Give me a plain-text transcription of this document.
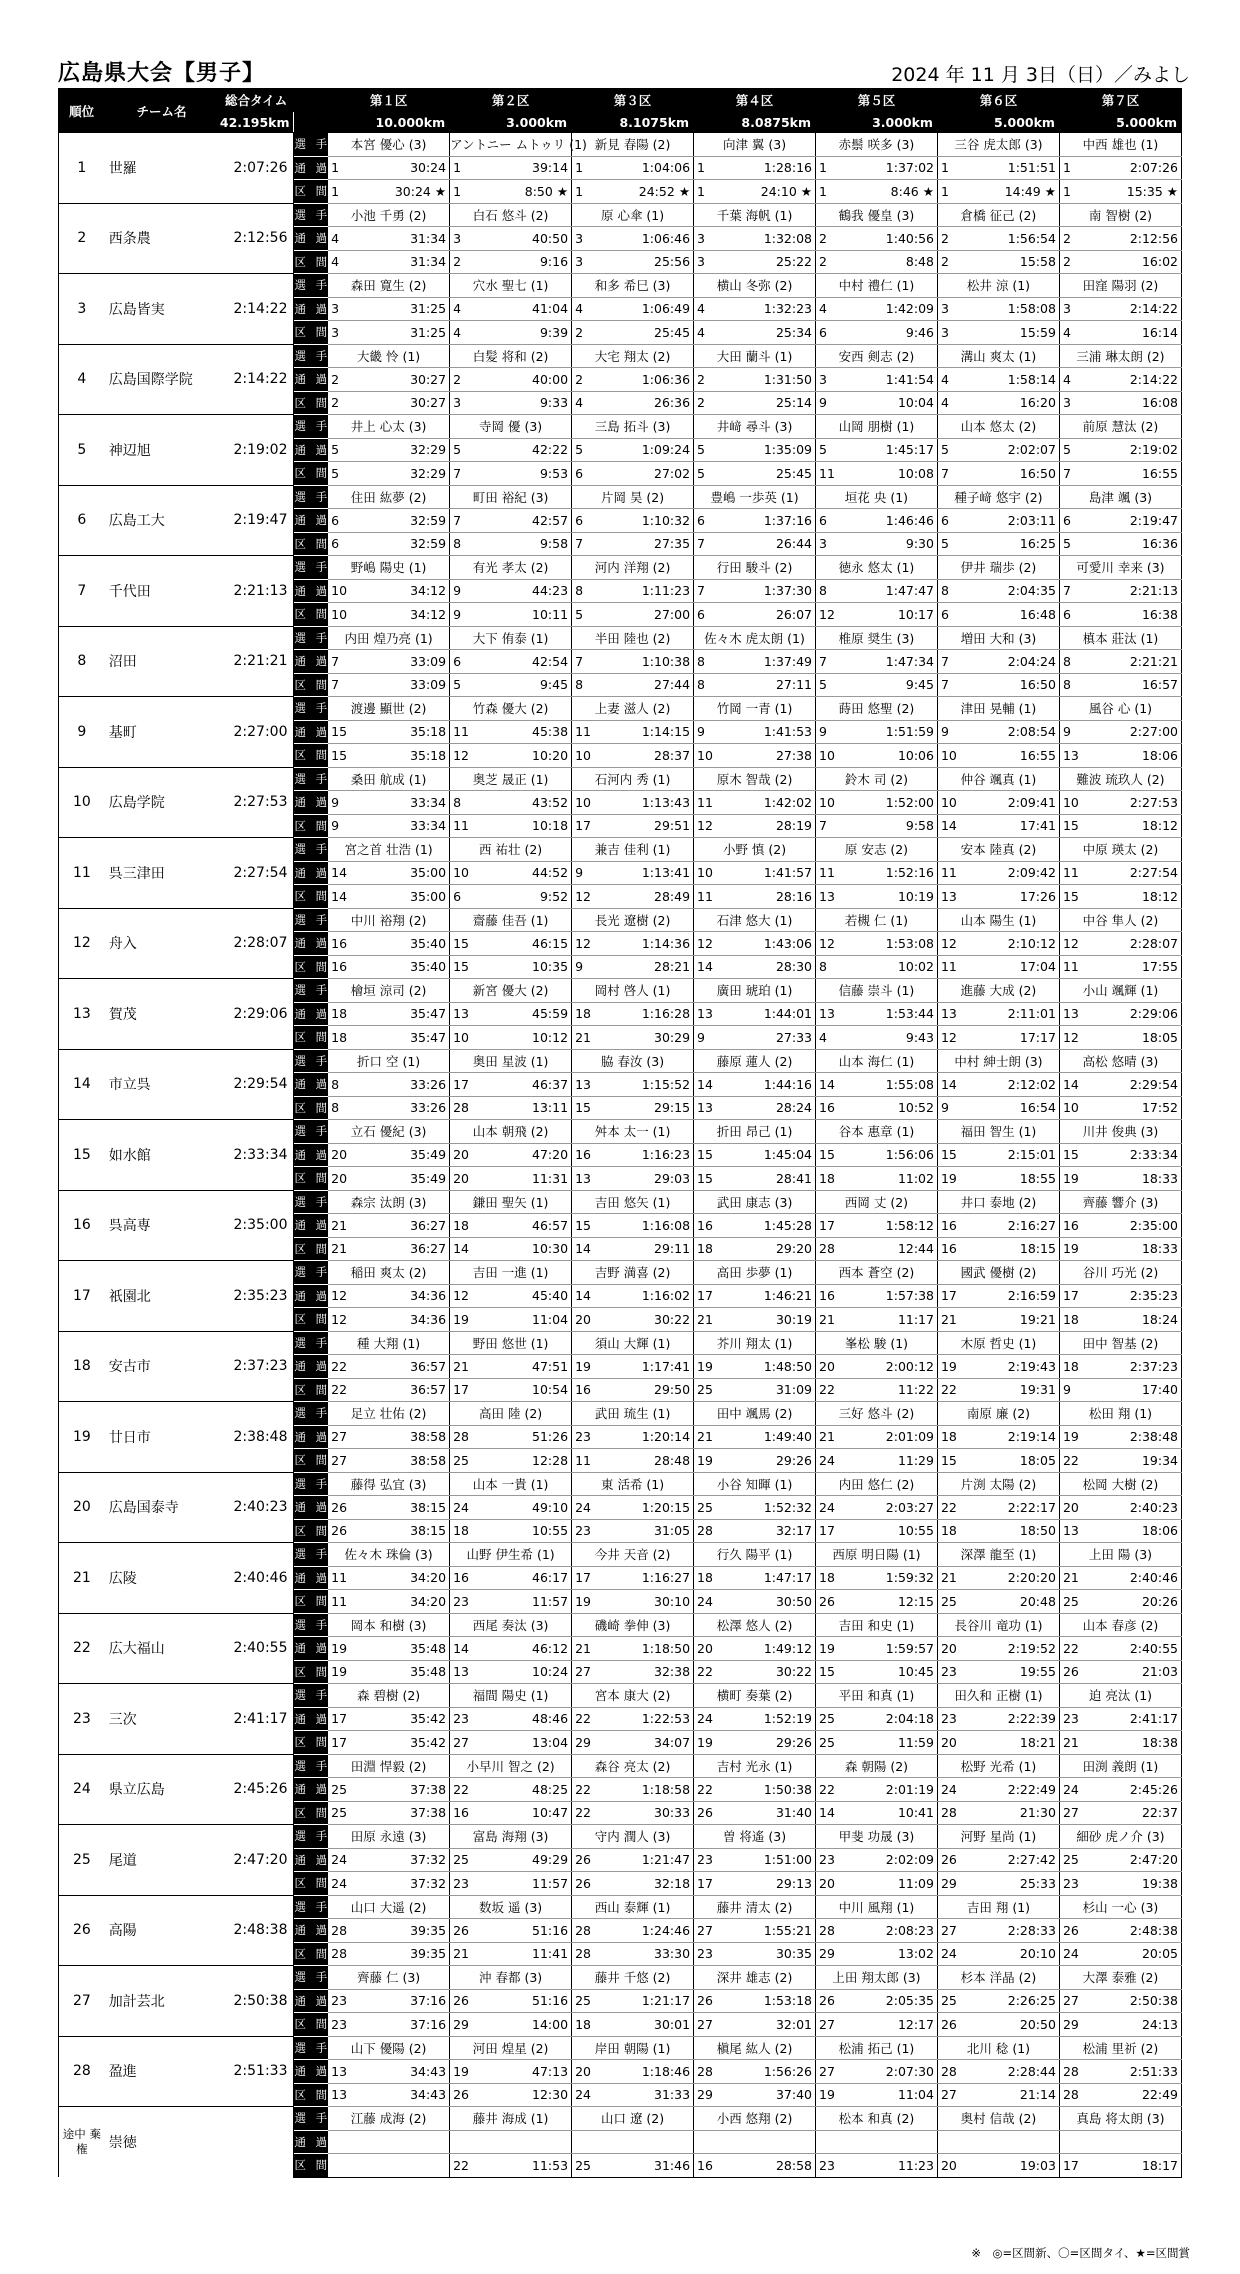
広島県大会【男子】	2024 年 11 月 3日（日）／みよし
順位	チーム名	総合タイム		第１区		第２区		第３区		第４区		第５区		第６区		第７区	
		42.195km		10.000km		3.000km		8.1075km		8.0875km		3.000km		5.000km		5.000km	
1	世羅	2:07:26	選 手	本宮 優心 (3)		アントニー ムトゥリ (1)		新見 春陽 (2)		向津 翼 (3)		赤鬃 咲多 (3)		三谷 虎太郎 (3)		中西 雄也 (1)	
			通 過	1	30:24	1	39:14	1	1:04:06	1	1:28:16	1	1:37:02	1	1:51:51	1	2:07:26
			区 間	1	30:24 ★	1	8:50 ★	1	24:52 ★	1	24:10 ★	1	8:46 ★	1	14:49 ★	1	15:35 ★
2	西条農	2:12:56	選 手	小池 千勇 (2)		白石 悠斗 (2)		原 心傘 (1)		千葉 海帆 (1)		鶴我 優皇 (3)		倉橋 征己 (2)		南 智樹 (2)	
			通 過	4	31:34	3	40:50	3	1:06:46	3	1:32:08	2	1:40:56	2	1:56:54	2	2:12:56
			区 間	4	31:34	2	9:16	3	25:56	3	25:22	2	8:48	2	15:58	2	16:02
3	広島皆実	2:14:22	選 手	森田 寛生 (2)		穴水 聖七 (1)		和多 希巳 (3)		横山 冬弥 (2)		中村 禮仁 (1)		松井 涼 (1)		田窪 陽羽 (2)	
			通 過	3	31:25	4	41:04	4	1:06:49	4	1:32:23	4	1:42:09	3	1:58:08	3	2:14:22
			区 間	3	31:25	4	9:39	2	25:45	4	25:34	6	9:46	3	15:59	4	16:14
4	広島国際学院	2:14:22	選 手	大畿 怜 (1)		白髪 将和 (2)		大宅 翔太 (2)		大田 蘭斗 (1)		安西 剣志 (2)		溝山 爽太 (1)		三浦 琳太朗 (2)	
			通 過	2	30:27	2	40:00	2	1:06:36	2	1:31:50	3	1:41:54	4	1:58:14	4	2:14:22
			区 間	2	30:27	3	9:33	4	26:36	2	25:14	9	10:04	4	16:20	3	16:08
5	神辺旭	2:19:02	選 手	井上 心太 (3)		寺岡 優 (3)		三島 拓斗 (3)		井﨑 尋斗 (3)		山岡 朋樹 (1)		山本 悠太 (2)		前原 慧汰 (2)	
			通 過	5	32:29	5	42:22	5	1:09:24	5	1:35:09	5	1:45:17	5	2:02:07	5	2:19:02
			区 間	5	32:29	7	9:53	6	27:02	5	25:45	11	10:08	7	16:50	7	16:55
6	広島工大	2:19:47	選 手	住田 紘夢 (2)		町田 裕紀 (3)		片岡 昊 (2)		豊嶋 一歩英 (1)		垣花 央 (1)		種子﨑 悠宇 (2)		島津 颯 (3)	
			通 過	6	32:59	7	42:57	6	1:10:32	6	1:37:16	6	1:46:46	6	2:03:11	6	2:19:47
			区 間	6	32:59	8	9:58	7	27:35	7	26:44	3	9:30	5	16:25	5	16:36
7	千代田	2:21:13	選 手	野嶋 陽史 (1)		有光 孝太 (2)		河内 洋翔 (2)		行田 駿斗 (2)		徳永 悠太 (1)		伊井 瑞歩 (2)		可愛川 幸来 (3)	
			通 過	10	34:12	9	44:23	8	1:11:23	7	1:37:30	8	1:47:47	8	2:04:35	7	2:21:13
			区 間	10	34:12	9	10:11	5	27:00	6	26:07	12	10:17	6	16:48	6	16:38
8	沼田	2:21:21	選 手	内田 煌乃亮 (1)		大下 侑泰 (1)		半田 陸也 (2)		佐々木 虎太朗 (1)		椎原 奨生 (3)		増田 大和 (3)		槙本 莊汰 (1)	
			通 過	7	33:09	6	42:54	7	1:10:38	8	1:37:49	7	1:47:34	7	2:04:24	8	2:21:21
			区 間	7	33:09	5	9:45	8	27:44	8	27:11	5	9:45	7	16:50	8	16:57
9	基町	2:27:00	選 手	渡邊 顯世 (2)		竹森 優大 (2)		上妻 滋人 (2)		竹岡 一青 (1)		蒔田 悠聖 (2)		津田 晃輔 (1)		風谷 心 (1)	
			通 過	15	35:18	11	45:38	11	1:14:15	9	1:41:53	9	1:51:59	9	2:08:54	9	2:27:00
			区 間	15	35:18	12	10:20	10	28:37	10	27:38	10	10:06	10	16:55	13	18:06
10	広島学院	2:27:53	選 手	桑田 航成 (1)		奥芝 晟正 (1)		石河内 秀 (1)		原木 智哉 (2)		鈴木 司 (2)		仲谷 颯真 (1)		難波 琉玖人 (2)	
			通 過	9	33:34	8	43:52	10	1:13:43	11	1:42:02	10	1:52:00	10	2:09:41	10	2:27:53
			区 間	9	33:34	11	10:18	17	29:51	12	28:19	7	9:58	14	17:41	15	18:12
11	呉三津田	2:27:54	選 手	宮之首 壮浩 (1)		西 祐壮 (2)		兼吉 佳利 (1)		小野 慎 (2)		原 安志 (2)		安本 陸真 (2)		中原 瑛太 (2)	
			通 過	14	35:00	10	44:52	9	1:13:41	10	1:41:57	11	1:52:16	11	2:09:42	11	2:27:54
			区 間	14	35:00	6	9:52	12	28:49	11	28:16	13	10:19	13	17:26	15	18:12
12	舟入	2:28:07	選 手	中川 裕翔 (2)		齋藤 佳吾 (1)		長光 遼樹 (2)		石津 悠大 (1)		若槻 仁 (1)		山本 陽生 (1)		中谷 隼人 (2)	
			通 過	16	35:40	15	46:15	12	1:14:36	12	1:43:06	12	1:53:08	12	2:10:12	12	2:28:07
			区 間	16	35:40	15	10:35	9	28:21	14	28:30	8	10:02	11	17:04	11	17:55
13	賀茂	2:29:06	選 手	檜垣 涼司 (2)		新宮 優大 (2)		岡村 啓人 (1)		廣田 琥珀 (1)		信藤 崇斗 (1)		進藤 大成 (2)		小山 颯輝 (1)	
			通 過	18	35:47	13	45:59	18	1:16:28	13	1:44:01	13	1:53:44	13	2:11:01	13	2:29:06
			区 間	18	35:47	10	10:12	21	30:29	9	27:33	4	9:43	12	17:17	12	18:05
14	市立呉	2:29:54	選 手	折口 空 (1)		奥田 星波 (1)		脇 春汝 (3)		藤原 蓮人 (2)		山本 海仁 (1)		中村 紳士朗 (3)		高松 悠晴 (3)	
			通 過	8	33:26	17	46:37	13	1:15:52	14	1:44:16	14	1:55:08	14	2:12:02	14	2:29:54
			区 間	8	33:26	28	13:11	15	29:15	13	28:24	16	10:52	9	16:54	10	17:52
15	如水館	2:33:34	選 手	立石 優紀 (3)		山本 朝飛 (2)		舛本 太一 (1)		折田 昂己 (1)		谷本 惠章 (1)		福田 智生 (1)		川井 俊典 (3)	
			通 過	20	35:49	20	47:20	16	1:16:23	15	1:45:04	15	1:56:06	15	2:15:01	15	2:33:34
			区 間	20	35:49	20	11:31	13	29:03	15	28:41	18	11:02	19	18:55	19	18:33
16	呉高専	2:35:00	選 手	森宗 汰朗 (3)		鎌田 聖矢 (1)		吉田 悠矢 (1)		武田 康志 (3)		西岡 丈 (2)		井口 泰地 (2)		齊藤 響介 (3)	
			通 過	21	36:27	18	46:57	15	1:16:08	16	1:45:28	17	1:58:12	16	2:16:27	16	2:35:00
			区 間	21	36:27	14	10:30	14	29:11	18	29:20	28	12:44	16	18:15	19	18:33
17	祇園北	2:35:23	選 手	稲田 爽太 (2)		吉田 一進 (1)		吉野 満喜 (2)		高田 歩夢 (1)		西本 蒼空 (2)		國武 優樹 (2)		谷川 巧光 (2)	
			通 過	12	34:36	12	45:40	14	1:16:02	17	1:46:21	16	1:57:38	17	2:16:59	17	2:35:23
			区 間	12	34:36	19	11:04	20	30:22	21	30:19	21	11:17	21	19:21	18	18:24
18	安古市	2:37:23	選 手	種 大翔 (1)		野田 悠世 (1)		須山 大輝 (1)		芥川 翔太 (1)		峯松 駿 (1)		木原 哲史 (1)		田中 智基 (2)	
			通 過	22	36:57	21	47:51	19	1:17:41	19	1:48:50	20	2:00:12	19	2:19:43	18	2:37:23
			区 間	22	36:57	17	10:54	16	29:50	25	31:09	22	11:22	22	19:31	9	17:40
19	廿日市	2:38:48	選 手	足立 壮佑 (2)		高田 陸 (2)		武田 琉生 (1)		田中 颯馬 (2)		三好 悠斗 (2)		南原 廉 (2)		松田 翔 (1)	
			通 過	27	38:58	28	51:26	23	1:20:14	21	1:49:40	21	2:01:09	18	2:19:14	19	2:38:48
			区 間	27	38:58	25	12:28	11	28:48	19	29:26	24	11:29	15	18:05	22	19:34
20	広島国泰寺	2:40:23	選 手	藤得 弘宜 (3)		山本 一貴 (1)		東 活希 (1)		小谷 知暉 (1)		内田 悠仁 (2)		片渕 太陽 (2)		松岡 大樹 (2)	
			通 過	26	38:15	24	49:10	24	1:20:15	25	1:52:32	24	2:03:27	22	2:22:17	20	2:40:23
			区 間	26	38:15	18	10:55	23	31:05	28	32:17	17	10:55	18	18:50	13	18:06
21	広陵	2:40:46	選 手	佐々木 珠倫 (3)		山野 伊生希 (1)		今井 天音 (2)		行久 陽平 (1)		西原 明日陽 (1)		深澤 龍至 (1)		上田 陽 (3)	
			通 過	11	34:20	16	46:17	17	1:16:27	18	1:47:17	18	1:59:32	21	2:20:20	21	2:40:46
			区 間	11	34:20	23	11:57	19	30:10	24	30:50	26	12:15	25	20:48	25	20:26
22	広大福山	2:40:55	選 手	岡本 和樹 (3)		西尾 奏汰 (3)		磯崎 拳伸 (3)		松澤 悠人 (2)		吉田 和史 (1)		長谷川 竜功 (1)		山本 春彦 (2)	
			通 過	19	35:48	14	46:12	21	1:18:50	20	1:49:12	19	1:59:57	20	2:19:52	22	2:40:55
			区 間	19	35:48	13	10:24	27	32:38	22	30:22	15	10:45	23	19:55	26	21:03
23	三次	2:41:17	選 手	森 碧樹 (2)		福間 陽史 (1)		宮本 康大 (2)		横町 奏葉 (2)		平田 和真 (1)		田久和 正樹 (1)		迫 亮汰 (1)	
			通 過	17	35:42	23	48:46	22	1:22:53	24	1:52:19	25	2:04:18	23	2:22:39	23	2:41:17
			区 間	17	35:42	27	13:04	29	34:07	19	29:26	25	11:59	20	18:21	21	18:38
24	県立広島	2:45:26	選 手	田淵 悍毅 (2)		小早川 智之 (2)		森谷 亮太 (2)		吉村 光永 (1)		森 朝陽 (2)		松野 光希 (1)		田渕 義朗 (1)	
			通 過	25	37:38	22	48:25	22	1:18:58	22	1:50:38	22	2:01:19	24	2:22:49	24	2:45:26
			区 間	25	37:38	16	10:47	22	30:33	26	31:40	14	10:41	28	21:30	27	22:37
25	尾道	2:47:20	選 手	田原 永遠 (3)		富島 海翔 (3)		守内 潤人 (3)		曽 将遙 (3)		甲斐 功晟 (3)		河野 星尚 (1)		細砂 虎ノ介 (3)	
			通 過	24	37:32	25	49:29	26	1:21:47	23	1:51:00	23	2:02:09	26	2:27:42	25	2:47:20
			区 間	24	37:32	23	11:57	26	32:18	17	29:13	20	11:09	29	25:33	23	19:38
26	高陽	2:48:38	選 手	山口 大遥 (2)		数坂 遥 (3)		西山 泰輝 (1)		藤井 清太 (2)		中川 風翔 (1)		吉田 翔 (1)		杉山 一心 (3)	
			通 過	28	39:35	26	51:16	28	1:24:46	27	1:55:21	28	2:08:23	27	2:28:33	26	2:48:38
			区 間	28	39:35	21	11:41	28	33:30	23	30:35	29	13:02	24	20:10	24	20:05
27	加計芸北	2:50:38	選 手	齊藤 仁 (3)		沖 春都 (3)		藤井 千悠 (2)		深井 雄志 (2)		上田 翔太郎 (3)		杉本 洋晶 (2)		大澤 泰雅 (2)	
			通 過	23	37:16	26	51:16	25	1:21:17	26	1:53:18	26	2:05:35	25	2:26:25	27	2:50:38
			区 間	23	37:16	29	14:00	18	30:01	27	32:01	27	12:17	26	20:50	29	24:13
28	盈進	2:51:33	選 手	山下 優陽 (2)		河田 煌星 (2)		岸田 朝陽 (1)		槇尾 紘人 (2)		松浦 拓己 (1)		北川 稔 (1)		松浦 里祈 (2)	
			通 過	13	34:43	19	47:13	20	1:18:46	28	1:56:26	27	2:07:30	28	2:28:44	28	2:51:33
			区 間	13	34:43	26	12:30	24	31:33	29	37:40	19	11:04	27	21:14	28	22:49
途中 棄権	崇徳		選 手	江藤 成海 (2)		藤井 海成 (1)		山口 遼 (2)		小西 悠翔 (2)		松本 和真 (2)		奥村 信哉 (2)		真島 将太朗 (3)	
			通 過														
			区 間			22	11:53	25	31:46	16	28:58	23	11:23	20	19:03	17	18:17
※　◎=区間新、〇=区間タイ、★=区間賞
